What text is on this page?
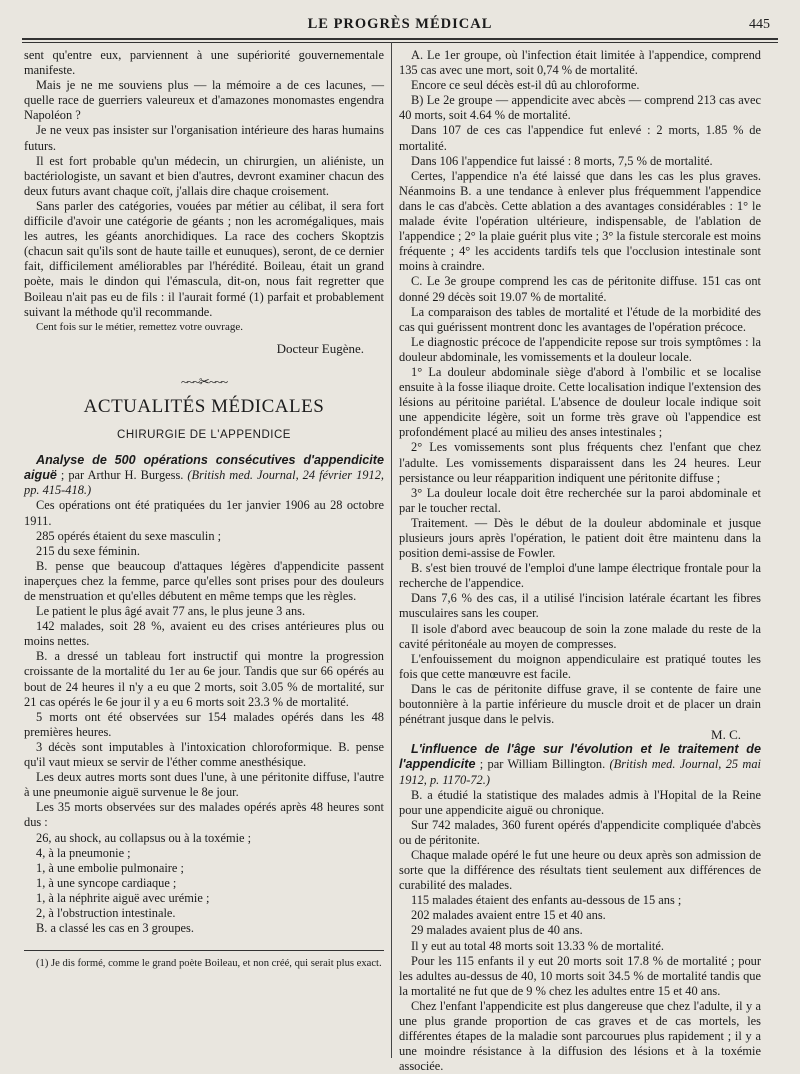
LE PROGRÈS MÉDICAL	445

sent qu'entre eux, parviennent à une supériorité gouvernementale manifeste.

Mais je ne me souviens plus — la mémoire a de ces lacunes, — quelle race de guerriers valeureux et d'amazones monomastes engendra Napoléon ?

Je ne veux pas insister sur l'organisation intérieure des haras humains futurs.

Il est fort probable qu'un médecin, un chirurgien, un aliéniste, un bactériologiste, un savant et bien d'autres, devront examiner chacun des deux futurs avant chaque coït, j'allais dire chaque croisement.

Sans parler des catégories, vouées par métier au célibat, il sera fort difficile d'avoir une catégorie de géants ; non les acromégaliques, mais les autres, les géants anorchidiques. La race des cochers Skoptzis (chacun sait qu'ils sont de haute taille et eunuques), seront, de ce dernier fait, difficilement améliorables par l'hérédité. Boileau, était un grand poète, mais le dindon qui l'émascula, dit-on, nous fait regretter que Boileau n'ait pas eu de fils : il l'aurait formé (1) parfait et probablement suivant la méthode qu'il recommande.

Cent fois sur le métier, remettez votre ouvrage.

Docteur Eugène.
~~~✂~~~
ACTUALITÉS MÉDICALES
CHIRURGIE DE L'APPENDICE

Analyse de 500 opérations consécutives d'appendicite aiguë ; par Arthur H. Burgess. (British med. Journal, 24 février 1912, pp. 415-418.)

Ces opérations ont été pratiquées du 1er janvier 1906 au 28 octobre 1911.

285 opérés étaient du sexe masculin ;

215 du sexe féminin.

B. pense que beaucoup d'attaques légères d'appendicite passent inaperçues chez la femme, parce qu'elles sont prises pour des douleurs de menstruation et qu'elles débutent en même temps que les règles.

Le patient le plus âgé avait 77 ans, le plus jeune 3 ans.

142 malades, soit 28 %, avaient eu des crises antérieures plus ou moins nettes.

B. a dressé un tableau fort instructif qui montre la progression croissante de la mortalité du 1er au 6e jour. Tandis que sur 66 opérés au bout de 24 heures il n'y a eu que 2 morts, soit 3.05 % de mortalité, sur 21 cas opérés le 6e jour il y a eu 6 morts soit 23.3 % de mortalité.

5 morts ont été observées sur 154 malades opérés dans les 48 premières heures.

3 décès sont imputables à l'intoxication chloroformique. B. pense qu'il vaut mieux se servir de l'éther comme anesthésique.

Les deux autres morts sont dues l'une, à une péritonite diffuse, l'autre à une pneumonie aiguë survenue le 8e jour.

Les 35 morts observées sur des malades opérés après 48 heures sont dus :

26, au shock, au collapsus ou à la toxémie ;

4, à la pneumonie ;

1, à une embolie pulmonaire ;

1, à une syncope cardiaque ;

1, à la néphrite aiguë avec urémie ;

2, à l'obstruction intestinale.

B. a classé les cas en 3 groupes.

(1) Je dis formé, comme le grand poète Boileau, et non créé, qui serait plus exact.

A. Le 1er groupe, où l'infection était limitée à l'appendice, comprend 135 cas avec une mort, soit 0,74 % de mortalité.

Encore ce seul décès est-il dû au chloroforme.

B) Le 2e groupe — appendicite avec abcès — comprend 213 cas avec 40 morts, soit 4.64 % de mortalité.

Dans 107 de ces cas l'appendice fut enlevé : 2 morts, 1.85 % de mortalité.

Dans 106 l'appendice fut laissé : 8 morts, 7,5 % de mortalité.

Certes, l'appendice n'a été laissé que dans les cas les plus graves. Néanmoins B. a une tendance à enlever plus fréquemment l'appendice dans le cas d'abcès. Cette ablation a des avantages considérables : 1° le malade évite l'opération ultérieure, indispensable, de l'ablation de l'appendice ; 2° la plaie guérit plus vite ; 3° la fistule stercorale est moins fréquente ; 4° les accidents tardifs tels que l'occlusion intestinale sont moins à craindre.

C. Le 3e groupe comprend les cas de péritonite diffuse. 151 cas ont donné 29 décès soit 19.07 % de mortalité.

La comparaison des tables de mortalité et l'étude de la morbidité des cas qui guérissent montrent donc les avantages de l'opération précoce.

Le diagnostic précoce de l'appendicite repose sur trois symptômes : la douleur abdominale, les vomissements et la douleur locale.

1° La douleur abdominale siège d'abord à l'ombilic et se localise ensuite à la fosse iliaque droite. Cette localisation indique l'extension des lésions au péritoine pariétal. L'absence de douleur locale indique soit une appendicite légère, soit un forme très grave où l'appendice est profondément placé au milieu des anses intestinales ;

2° Les vomissements sont plus fréquents chez l'enfant que chez l'adulte. Les vomissements disparaissent dans les 24 heures. Leur persistance ou leur réapparition indiquent une péritonite diffuse ;

3° La douleur locale doit être recherchée sur la paroi abdominale et par le toucher rectal.

Traitement. — Dès le début de la douleur abdominale et jusque plusieurs jours après l'opération, le patient doit être maintenu dans la position demi-assise de Fowler.

B. s'est bien trouvé de l'emploi d'une lampe électrique frontale pour la recherche de l'appendice.

Dans 7,6 % des cas, il a utilisé l'incision latérale écartant les fibres musculaires sans les couper.

Il isole d'abord avec beaucoup de soin la zone malade du reste de la cavité péritonéale au moyen de compresses.

L'enfouissement du moignon appendiculaire est pratiqué toutes les fois que cette manœuvre est facile.

Dans le cas de péritonite diffuse grave, il se contente de faire une boutonnière à la partie inférieure du muscle droit et de placer un drain pénétrant jusque dans le pelvis.

M. C.

L'influence de l'âge sur l'évolution et le traitement de l'appendicite ; par William Billington. (British med. Journal, 25 mai 1912, p. 1170-72.)

B. a étudié la statistique des malades admis à l'Hopital de la Reine pour une appendicite aiguë ou chronique.

Sur 742 malades, 360 furent opérés d'appendicite compliquée d'abcès ou de péritonite.

Chaque malade opéré le fut une heure ou deux après son admission de sorte que la différence des résultats tient seulement aux différences de curabilité des malades.

115 malades étaient des enfants au-dessous de 15 ans ;

202 malades avaient entre 15 et 40 ans.

29 malades avaient plus de 40 ans.

Il y eut au total 48 morts soit 13.33 % de mortalité.

Pour les 115 enfants il y eut 20 morts soit 17.8 % de mortalité ; pour les adultes au-dessus de 40, 10 morts soit 34.5 % de mortalité tandis que la mortalité ne fut que de 9 % chez les adultes entre 15 et 40 ans.

Chez l'enfant l'appendicite est plus dangereuse que chez l'adulte, il y a une plus grande proportion de cas graves et de cas mortels, les différentes étapes de la maladie sont parcourues plus rapidement ; il y a une moindre résistance à la diffusion des lésions et à la toxémie associée.
